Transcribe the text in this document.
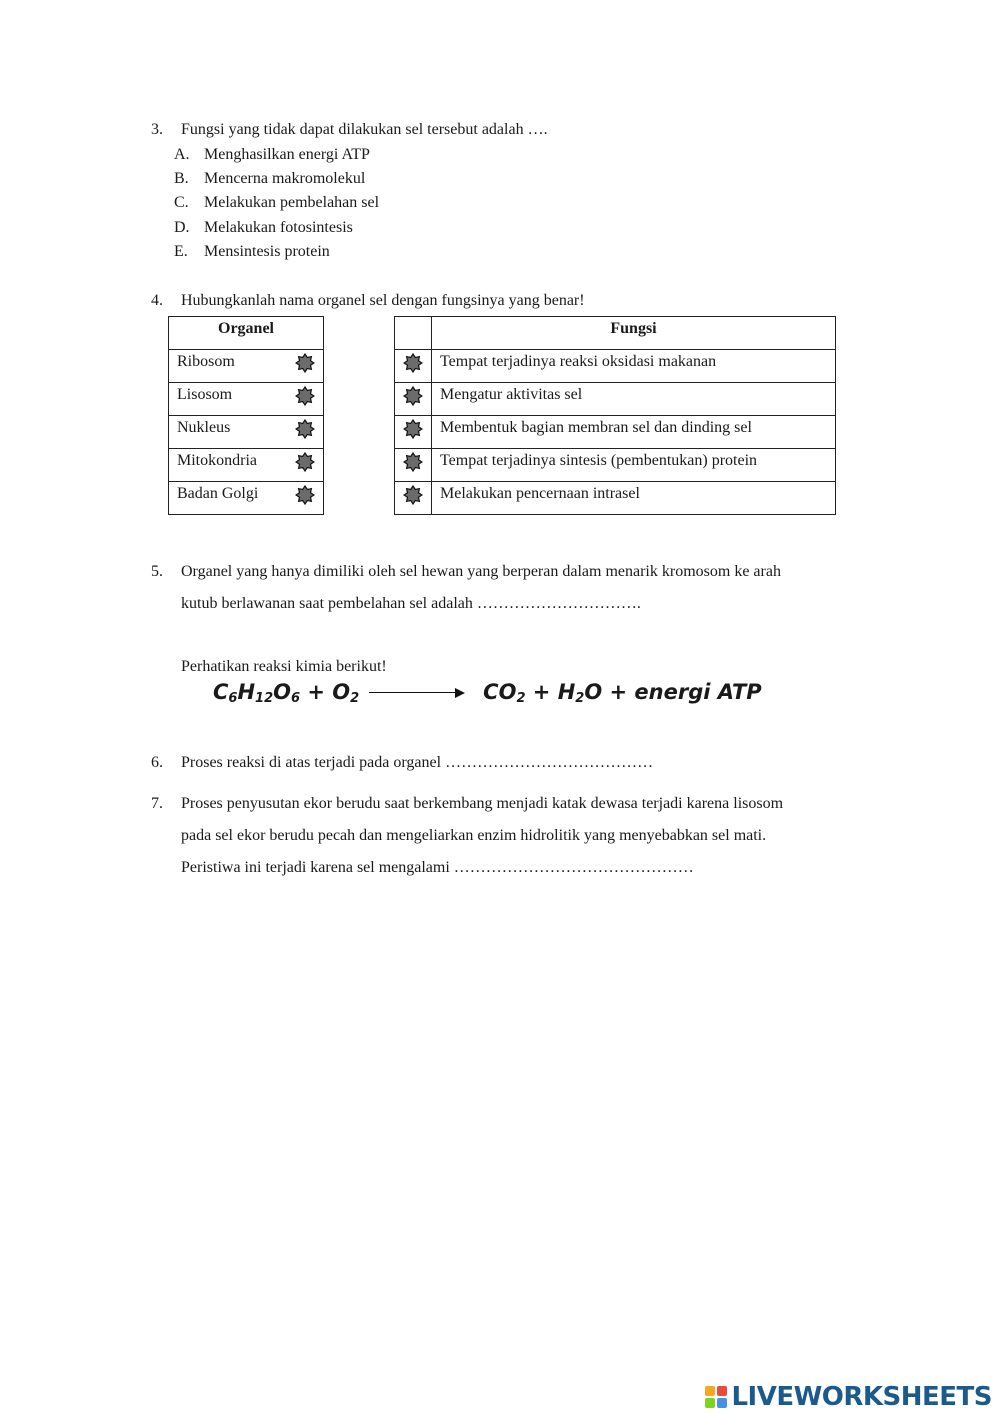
3. Fungsi yang tidak dapat dilakukan sel tersebut adalah ….
A. Menghasilkan energi ATP
B. Mencerna makromolekul
C. Melakukan pembelahan sel
D. Melakukan fotosintesis
E. Mensintesis protein
4. Hubungkanlah nama organel sel dengan fungsinya yang benar!
Organel

Ribosom

Lisosom

Nukleus

Mitokondria

Badan Golgi
	Fungsi
	Tempat terjadinya reaksi oksidasi makanan
	Mengatur aktivitas sel
	Membentuk bagian membran sel dan dinding sel
	Tempat terjadinya sintesis (pembentukan) protein
	Melakukan pencernaan intrasel
5. Organel yang hanya dimiliki oleh sel hewan yang berperan dalam menarik kromosom ke arah
kutub berlawanan saat pembelahan sel adalah ………………………….
Perhatikan reaksi kimia berikut!
$C_6H_{12}O_6 + O_2$	$CO_2 + H_2O$ + energi ATP
6. Proses reaksi di atas terjadi pada organel …………………………………
7. Proses penyusutan ekor berudu saat berkembang menjadi katak dewasa terjadi karena lisosom
pada sel ekor berudu pecah dan mengeliarkan enzim hidrolitik yang menyebabkan sel mati.
Peristiwa ini terjadi karena sel mengalami ………………………………………
LIVEWORKSHEETS
